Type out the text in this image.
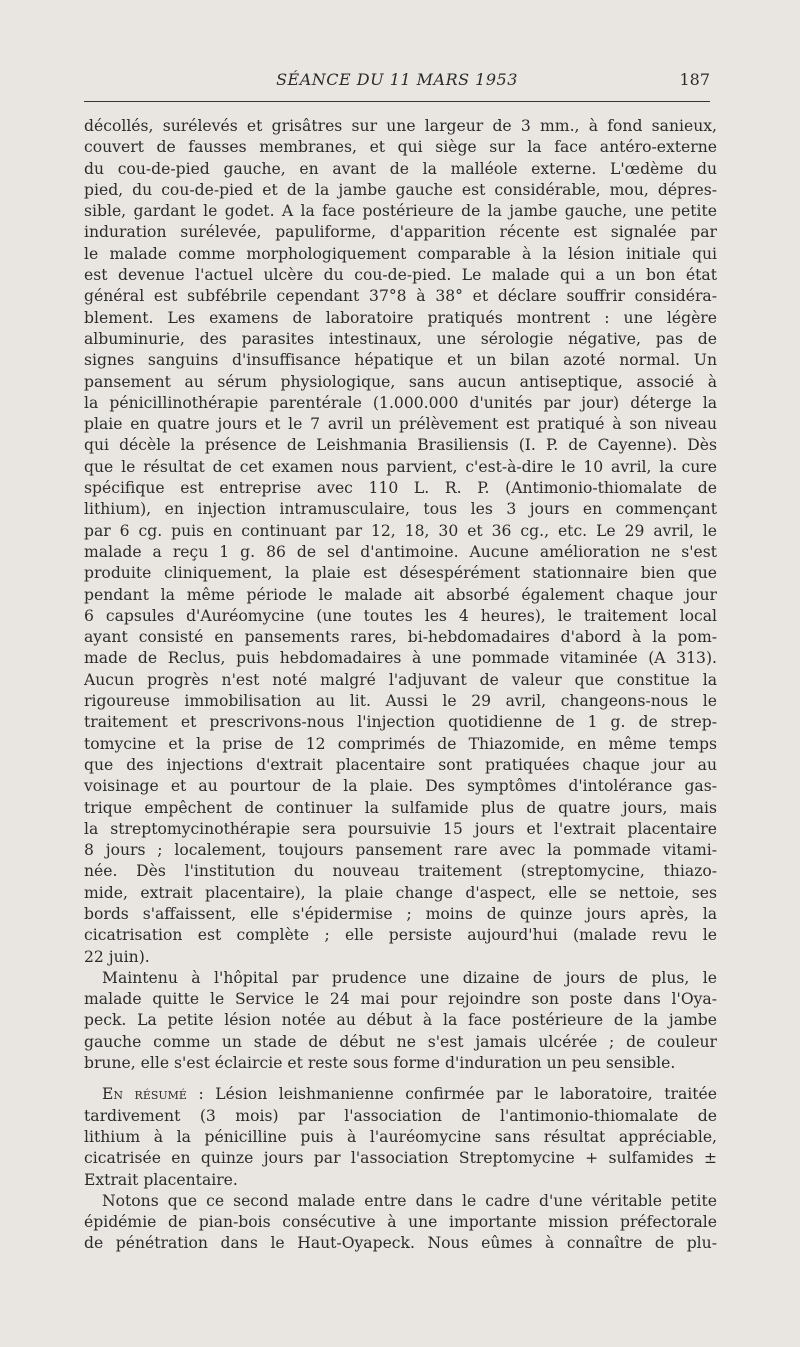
SÉANCE DU 11 MARS 1953	187
décollés, surélevés et grisâtres sur une largeur de 3 mm., à fond sanieux,
couvert de fausses membranes, et qui siège sur la face antéro-externe
du cou-de-pied gauche, en avant de la malléole externe. L'œdème du
pied, du cou-de-pied et de la jambe gauche est considérable, mou, dépres-
sible, gardant le godet. A la face postérieure de la jambe gauche, une petite
induration surélevée, papuliforme, d'apparition récente est signalée par
le malade comme morphologiquement comparable à la lésion initiale qui
est devenue l'actuel ulcère du cou-de-pied. Le malade qui a un bon état
général est subfébrile cependant 37°8 à 38° et déclare souffrir considéra-
blement. Les examens de laboratoire pratiqués montrent : une légère
albuminurie, des parasites intestinaux, une sérologie négative, pas de
signes sanguins d'insuffisance hépatique et un bilan azoté normal. Un
pansement au sérum physiologique, sans aucun antiseptique, associé à
la pénicillinothérapie parentérale (1.000.000 d'unités par jour) déterge la
plaie en quatre jours et le 7 avril un prélèvement est pratiqué à son niveau
qui décèle la présence de Leishmania Brasiliensis (I. P. de Cayenne). Dès
que le résultat de cet examen nous parvient, c'est-à-dire le 10 avril, la cure
spécifique est entreprise avec 110 L. R. P. (Antimonio-thiomalate de
lithium), en injection intramusculaire, tous les 3 jours en commençant
par 6 cg. puis en continuant par 12, 18, 30 et 36 cg., etc. Le 29 avril, le
malade a reçu 1 g. 86 de sel d'antimoine. Aucune amélioration ne s'est
produite cliniquement, la plaie est désespérément stationnaire bien que
pendant la même période le malade ait absorbé également chaque jour
6 capsules d'Auréomycine (une toutes les 4 heures), le traitement local
ayant consisté en pansements rares, bi-hebdomadaires d'abord à la pom-
made de Reclus, puis hebdomadaires à une pommade vitaminée (A 313).
Aucun progrès n'est noté malgré l'adjuvant de valeur que constitue la
rigoureuse immobilisation au lit. Aussi le 29 avril, changeons-nous le
traitement et prescrivons-nous l'injection quotidienne de 1 g. de strep-
tomycine et la prise de 12 comprimés de Thiazomide, en même temps
que des injections d'extrait placentaire sont pratiquées chaque jour au
voisinage et au pourtour de la plaie. Des symptômes d'intolérance gas-
trique empêchent de continuer la sulfamide plus de quatre jours, mais
la streptomycinothérapie sera poursuivie 15 jours et l'extrait placentaire
8 jours ; localement, toujours pansement rare avec la pommade vitami-
née. Dès l'institution du nouveau traitement (streptomycine, thiazo-
mide, extrait placentaire), la plaie change d'aspect, elle se nettoie, ses
bords s'affaissent, elle s'épidermise ; moins de quinze jours après, la
cicatrisation est complète ; elle persiste aujourd'hui (malade revu le
22 juin).
Maintenu à l'hôpital par prudence une dizaine de jours de plus, le
malade quitte le Service le 24 mai pour rejoindre son poste dans l'Oya-
peck. La petite lésion notée au début à la face postérieure de la jambe
gauche comme un stade de début ne s'est jamais ulcérée ; de couleur
brune, elle s'est éclaircie et reste sous forme d'induration un peu sensible.
En résumé : Lésion leishmanienne confirmée par le laboratoire, traitée
tardivement (3 mois) par l'association de l'antimonio-thiomalate de
lithium à la pénicilline puis à l'auréomycine sans résultat appréciable,
cicatrisée en quinze jours par l'association Streptomycine + sulfamides ±
Extrait placentaire.
Notons que ce second malade entre dans le cadre d'une véritable petite
épidémie de pian-bois consécutive à une importante mission préfectorale
de pénétration dans le Haut-Oyapeck. Nous eûmes à connaître de plu-
